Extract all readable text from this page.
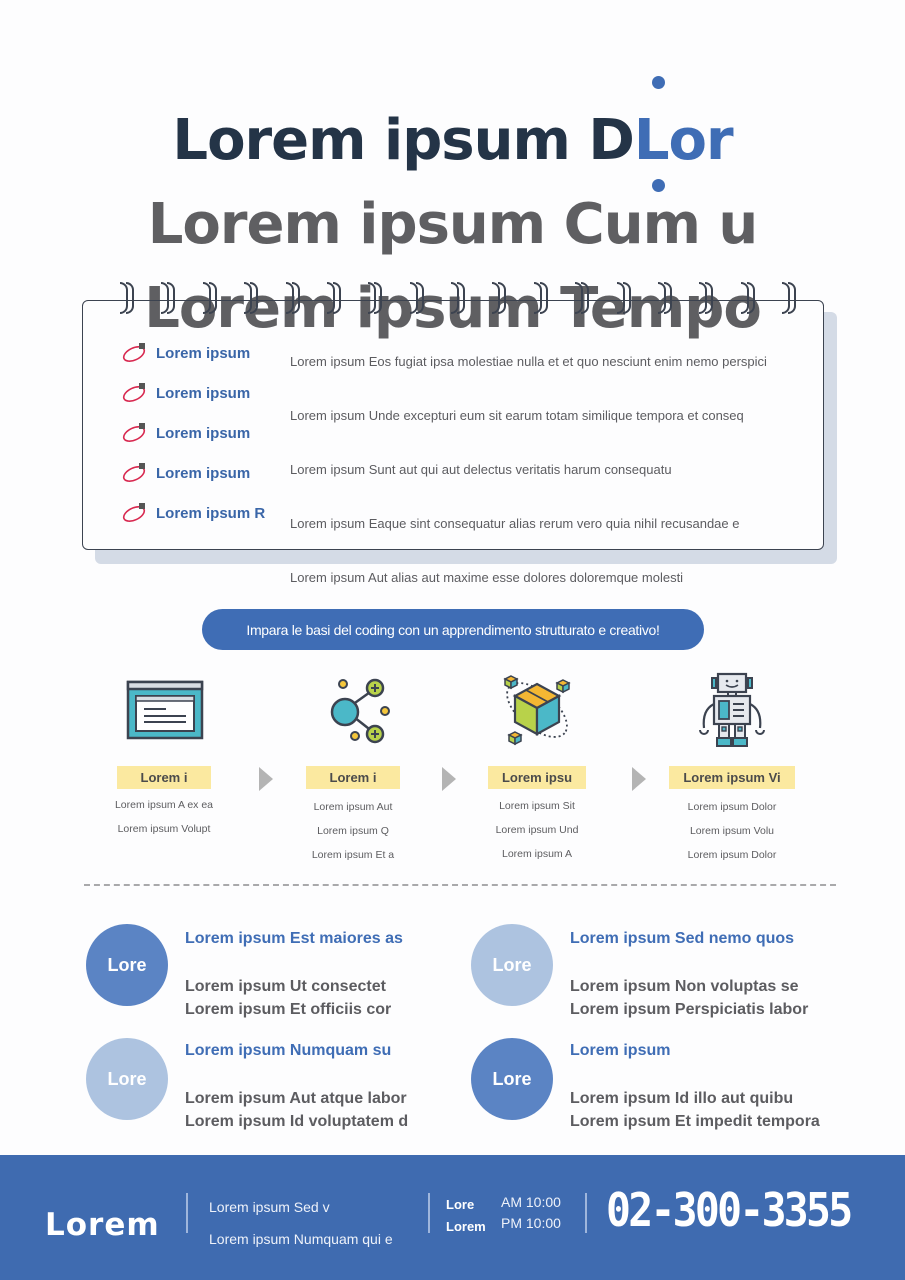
Lorem ipsum DLor
Lorem ipsum Cum u
Lorem ipsum Tempo
Lorem ipsum
Lorem ipsum
Lorem ipsum
Lorem ipsum
Lorem ipsum R
Lorem ipsum Eos fugiat ipsa molestiae nulla et et quo nesciunt enim nemo perspici
Lorem ipsum Unde excepturi eum sit earum totam similique tempora et conseq
Lorem ipsum Sunt aut qui aut delectus veritatis harum consequatu
Lorem ipsum Eaque sint consequatur alias rerum vero quia nihil recusandae e
Lorem ipsum Aut alias aut maxime esse dolores doloremque molesti
Impara le basi del coding con un apprendimento strutturato e creativo!
Lorem i
Lorem ipsum A ex ea
Lorem ipsum Volupt
Lorem i
Lorem ipsum Aut
Lorem ipsum Q
Lorem ipsum Et a
Lorem ipsu
Lorem ipsum Sit
Lorem ipsum Und
Lorem ipsum A
Lorem ipsum Vi
Lorem ipsum Dolor
Lorem ipsum Volu
Lorem ipsum Dolor
Lore
Lorem ipsum Est maiores as
Lorem ipsum Ut consectet
Lorem ipsum Et officiis cor
Lore
Lorem ipsum Sed nemo quos
Lorem ipsum Non voluptas se
Lorem ipsum Perspiciatis labor
Lore
Lorem ipsum Numquam su
Lorem ipsum Aut atque labor
Lorem ipsum Id voluptatem d
Lore
Lorem ipsum
Lorem ipsum Id illo aut quibu
Lorem ipsum Et impedit tempora
Lorem	Lorem ipsum Sed v
Lorem ipsum Numquam qui e
Lore
Lorem
AM 10:00
PM 10:00 02-300-3355
